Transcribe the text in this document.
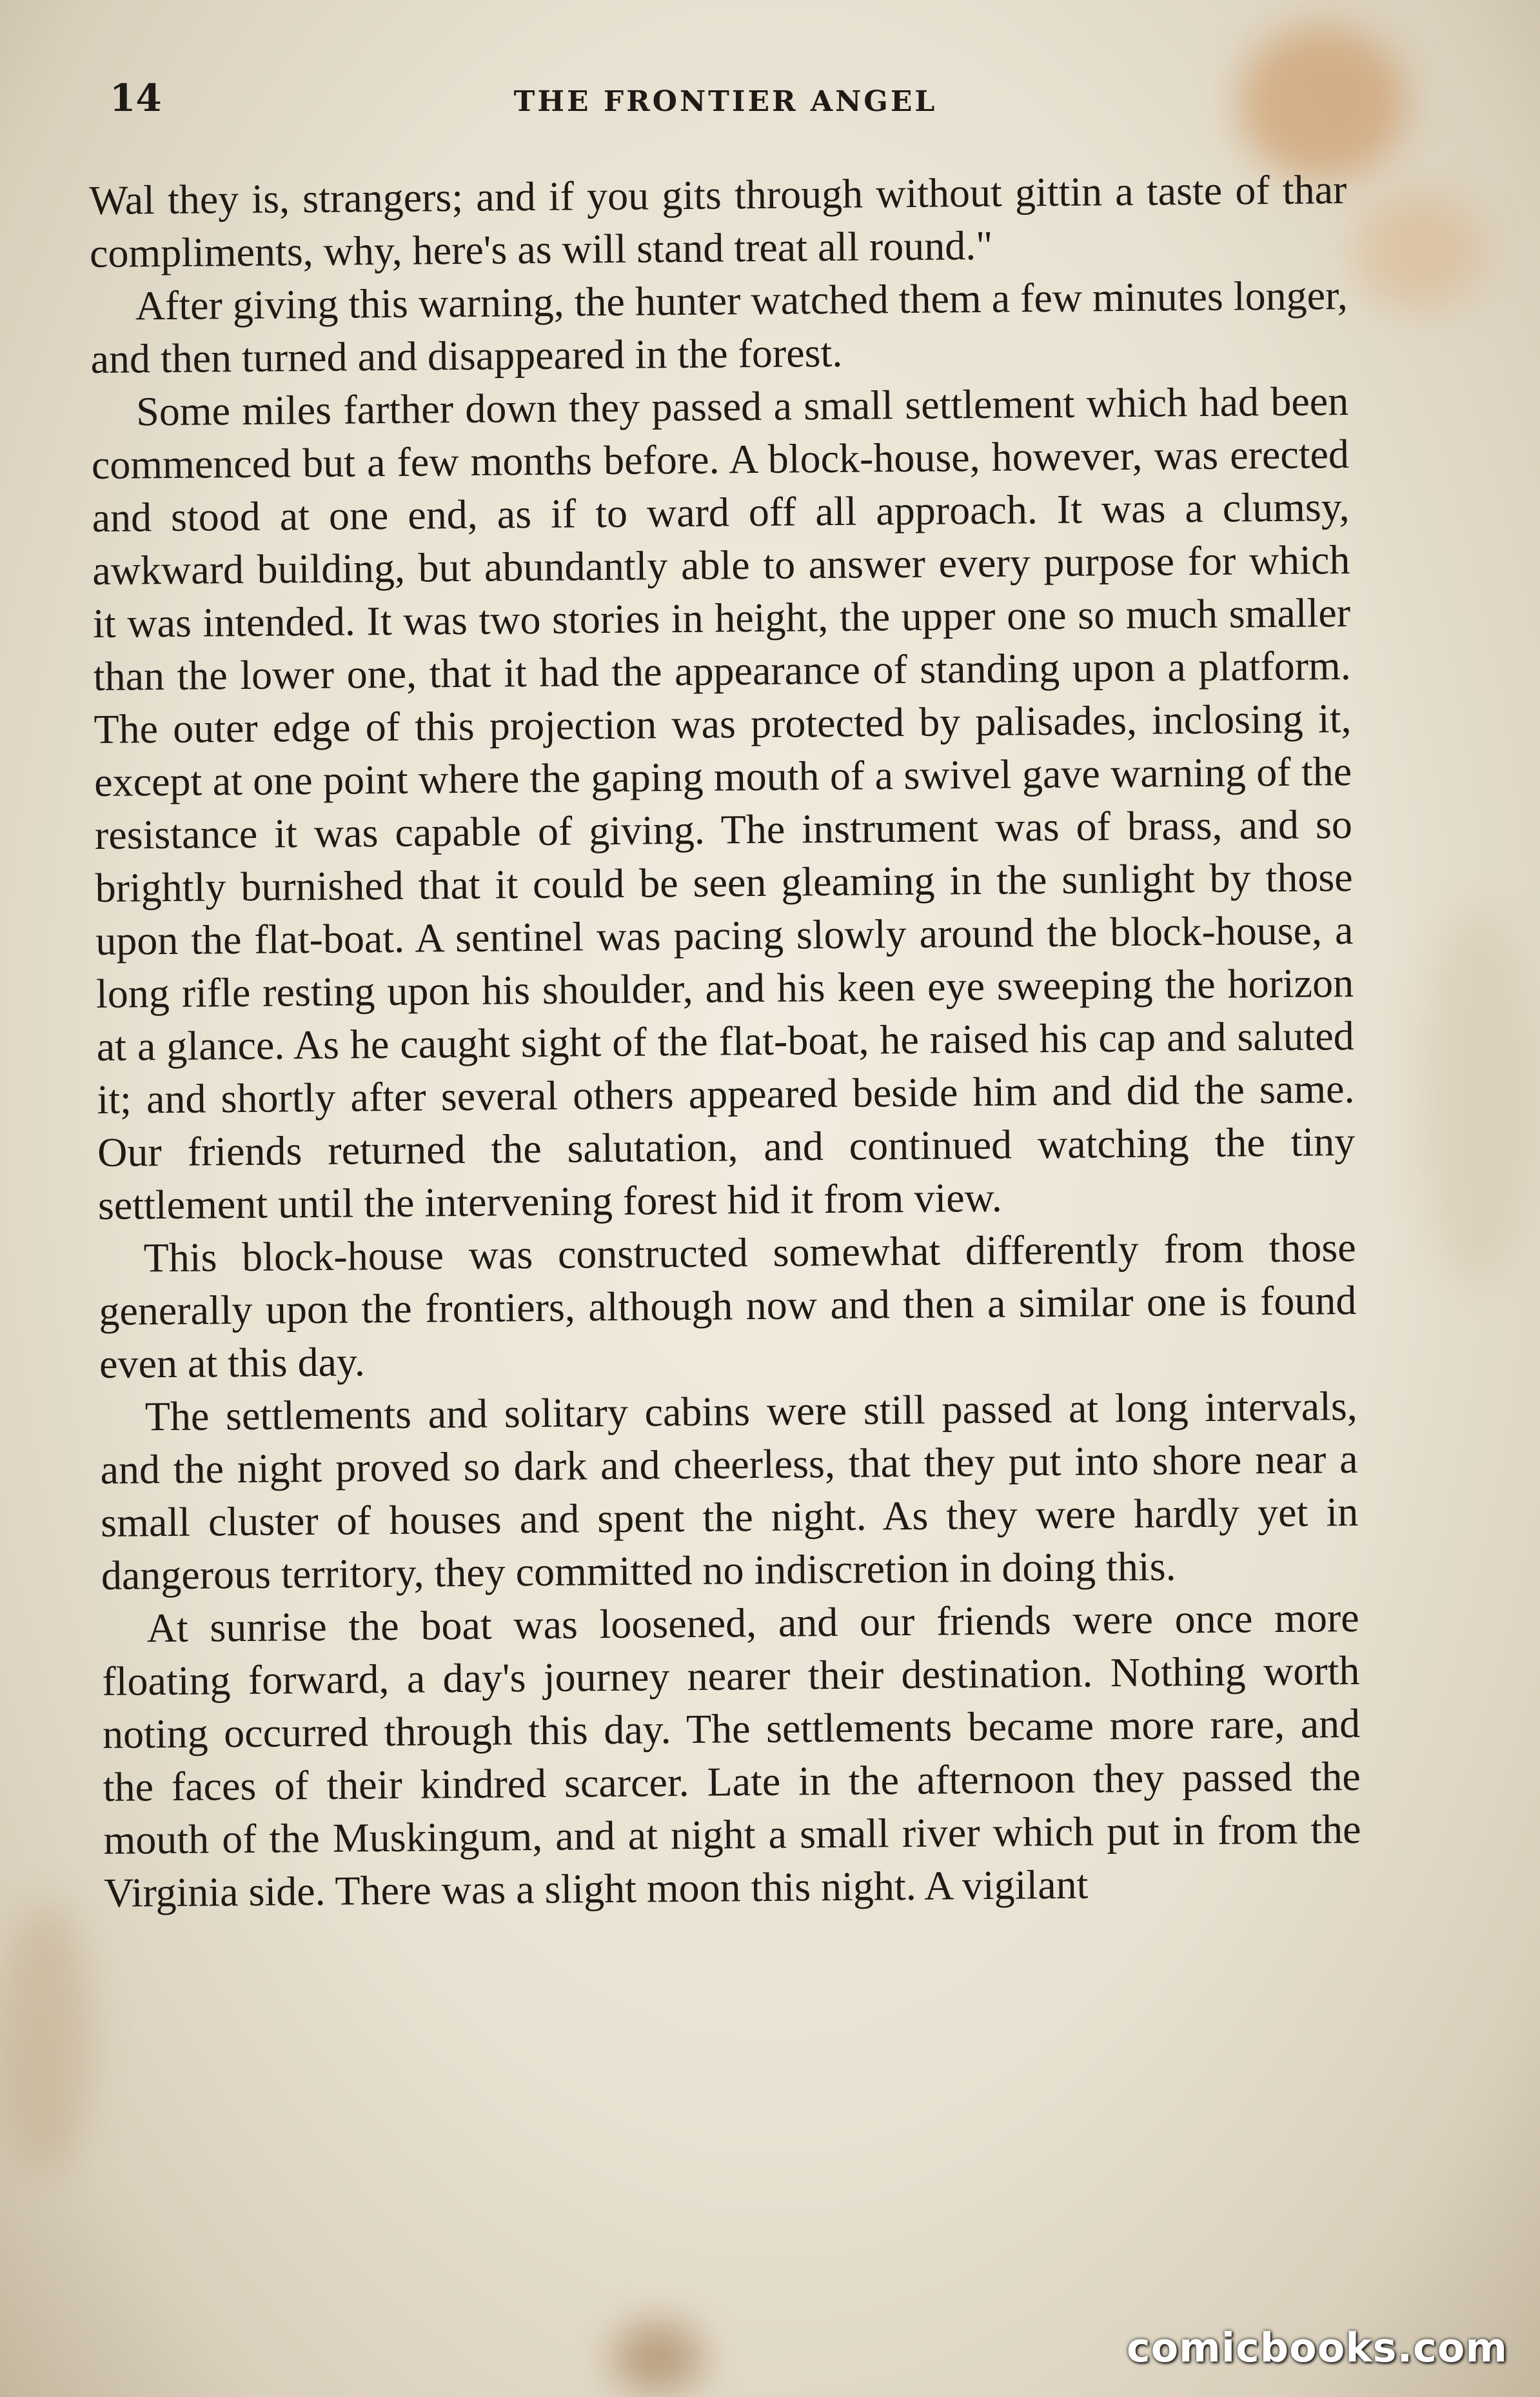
14	THE FRONTIER ANGEL

Wal they is, strangers; and if you gits through without gittin a taste of thar compliments, why, here's as will stand treat all round."

After giving this warning, the hunter watched them a few minutes longer, and then turned and disappeared in the forest.

Some miles farther down they passed a small settlement which had been commenced but a few months before. A block-house, however, was erected and stood at one end, as if to ward off all approach. It was a clumsy, awkward building, but abundantly able to answer every purpose for which it was intended. It was two stories in height, the upper one so much smaller than the lower one, that it had the appearance of standing upon a platform. The outer edge of this projection was protected by palisades, inclosing it, except at one point where the gaping mouth of a swivel gave warning of the resistance it was capable of giving. The instrument was of brass, and so brightly burnished that it could be seen gleaming in the sunlight by those upon the flat-boat. A sentinel was pacing slowly around the block-house, a long rifle resting upon his shoulder, and his keen eye sweeping the horizon at a glance. As he caught sight of the flat-boat, he raised his cap and saluted it; and shortly after several others appeared beside him and did the same. Our friends returned the salutation, and continued watching the tiny settlement until the intervening forest hid it from view.

This block-house was constructed somewhat differently from those generally upon the frontiers, although now and then a similar one is found even at this day.

The settlements and solitary cabins were still passed at long intervals, and the night proved so dark and cheerless, that they put into shore near a small cluster of houses and spent the night. As they were hardly yet in dangerous territory, they committed no indiscretion in doing this.

At sunrise the boat was loosened, and our friends were once more floating forward, a day's journey nearer their destination. Nothing worth noting occurred through this day. The settlements became more rare, and the faces of their kindred scarcer. Late in the afternoon they passed the mouth of the Muskingum, and at night a small river which put in from the Virginia side. There was a slight moon this night. A vigilant

comicbooks.com
